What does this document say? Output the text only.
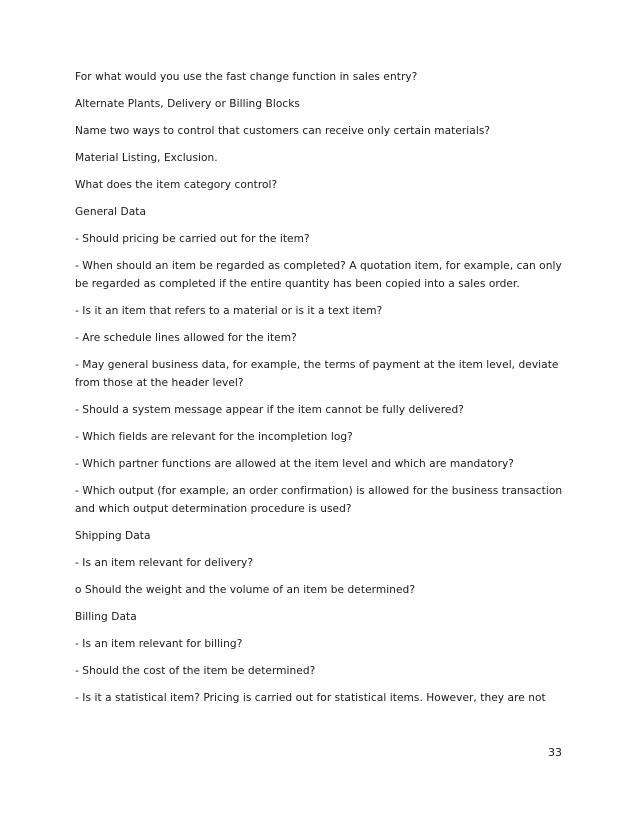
For what would you use the fast change function in sales entry?

Alternate Plants, Delivery or Billing Blocks

Name two ways to control that customers can receive only certain materials?

Material Listing, Exclusion.

What does the item category control?

General Data

- Should pricing be carried out for the item?

- When should an item be regarded as completed? A quotation item, for example, can only be regarded as completed if the entire quantity has been copied into a sales order.

- Is it an item that refers to a material or is it a text item?

- Are schedule lines allowed for the item?

- May general business data, for example, the terms of payment at the item level, deviate from those at the header level?

- Should a system message appear if the item cannot be fully delivered?

- Which fields are relevant for the incompletion log?

- Which partner functions are allowed at the item level and which are mandatory?

- Which output (for example, an order confirmation) is allowed for the business transaction and which output determination procedure is used?

Shipping Data

- Is an item relevant for delivery?

o Should the weight and the volume of an item be determined?

Billing Data

- Is an item relevant for billing?

- Should the cost of the item be determined?

- Is it a statistical item? Pricing is carried out for statistical items. However, they are not

33
